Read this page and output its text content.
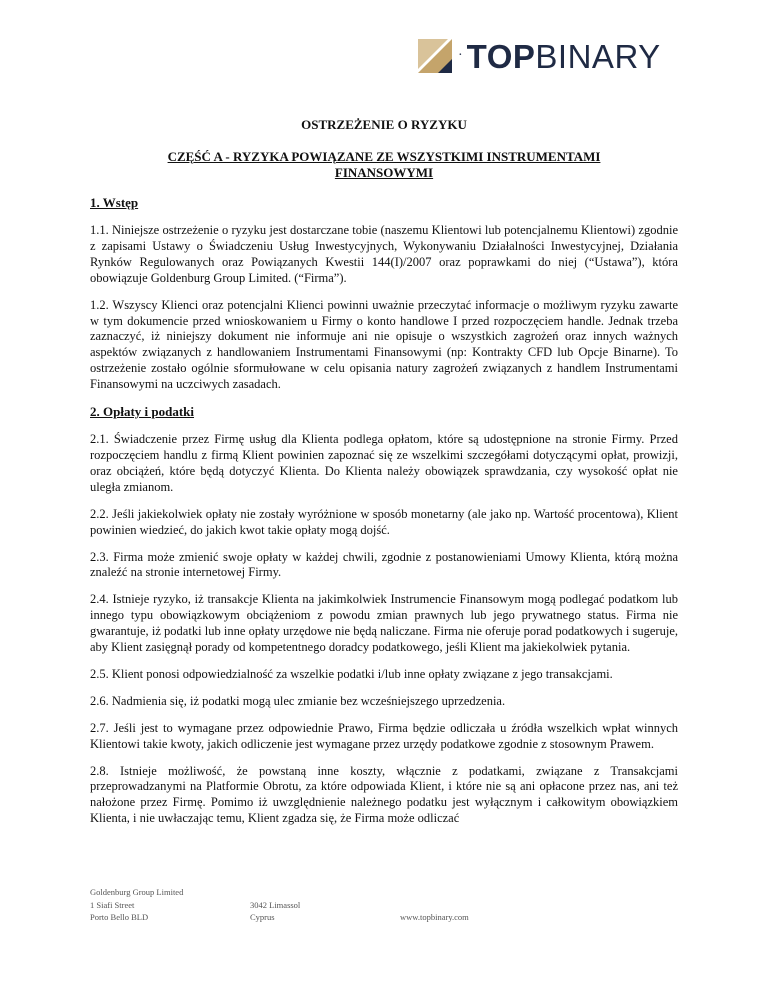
· TOPBINARY
OSTRZEŻENIE O RYZYKU
CZĘŚĆ A - RYZYKA POWIĄZANE ZE WSZYSTKIMI INSTRUMENTAMI FINANSOWYMI
1. Wstęp

1.1. Niniejsze ostrzeżenie o ryzyku jest dostarczane tobie (naszemu Klientowi lub potencjalnemu Klientowi) zgodnie z zapisami Ustawy o Świadczeniu Usług Inwestycyjnych, Wykonywaniu Działalności Inwestycyjnej, Działania Rynków Regulowanych oraz Powiązanych Kwestii 144(I)/2007 oraz poprawkami do niej (“Ustawa”), która obowiązuje Goldenburg Group Limited. (“Firma”).

1.2. Wszyscy Klienci oraz potencjalni Klienci powinni uważnie przeczytać informacje o możliwym ryzyku zawarte w tym dokumencie przed wnioskowaniem u Firmy o konto handlowe I przed rozpoczęciem handle. Jednak trzeba zaznaczyć, iż niniejszy dokument nie informuje ani nie opisuje o wszystkich zagrożeń oraz innych ważnych aspektów związanych z handlowaniem Instrumentami Finansowymi (np: Kontrakty CFD lub Opcje Binarne). To ostrzeżenie zostało ogólnie sformułowane w celu opisania natury zagrożeń związanych z handlem Instrumentami Finansowymi na uczciwych zasadach.

2. Opłaty i podatki

2.1. Świadczenie przez Firmę usług dla Klienta podlega opłatom, które są udostępnione na stronie Firmy. Przed rozpoczęciem handlu z firmą Klient powinien zapoznać się ze wszelkimi szczegółami dotyczącymi opłat, prowizji, oraz obciążeń, które będą dotyczyć Klienta. Do Klienta należy obowiązek sprawdzania, czy wysokość opłat nie uległa zmianom.

2.2. Jeśli jakiekolwiek opłaty nie zostały wyróżnione w sposób monetarny (ale jako np. Wartość procentowa), Klient powinien wiedzieć, do jakich kwot takie opłaty mogą dojść.

2.3. Firma może zmienić swoje opłaty w każdej chwili, zgodnie z postanowieniami Umowy Klienta, którą można znaleźć na stronie internetowej Firmy.

2.4. Istnieje ryzyko, iż transakcje Klienta na jakimkolwiek Instrumencie Finansowym mogą podlegać podatkom lub innego typu obowiązkowym obciążeniom z powodu zmian prawnych lub jego prywatnego status. Firma nie gwarantuje, iż podatki lub inne opłaty urzędowe nie będą naliczane. Firma nie oferuje porad podatkowych i sugeruje, aby Klient zasięgnął porady od kompetentnego doradcy podatkowego, jeśli Klient ma jakiekolwiek pytania.

2.5. Klient ponosi odpowiedzialność za wszelkie podatki i/lub inne opłaty związane z jego transakcjami.

2.6. Nadmienia się, iż podatki mogą ulec zmianie bez wcześniejszego uprzedzenia.

2.7. Jeśli jest to wymagane przez odpowiednie Prawo, Firma będzie odliczała u źródła wszelkich wpłat winnych Klientowi takie kwoty, jakich odliczenie jest wymagane przez urzędy podatkowe zgodnie z stosownym Prawem.

2.8. Istnieje możliwość, że powstaną inne koszty, włącznie z podatkami, związane z Transakcjami przeprowadzanymi na Platformie Obrotu, za które odpowiada Klient, i które nie są ani opłacone przez nas, ani też nałożone przez Firmę. Pomimo iż uwzględnienie należnego podatku jest wyłącznym i całkowitym obowiązkiem Klienta, i nie uwłaczając temu, Klient zgadza się, że Firma może odliczać

Goldenburg Group Limited
1 Siafi Street
Porto Bello BLD
3042 Limassol
Cyprus	www.topbinary.com
